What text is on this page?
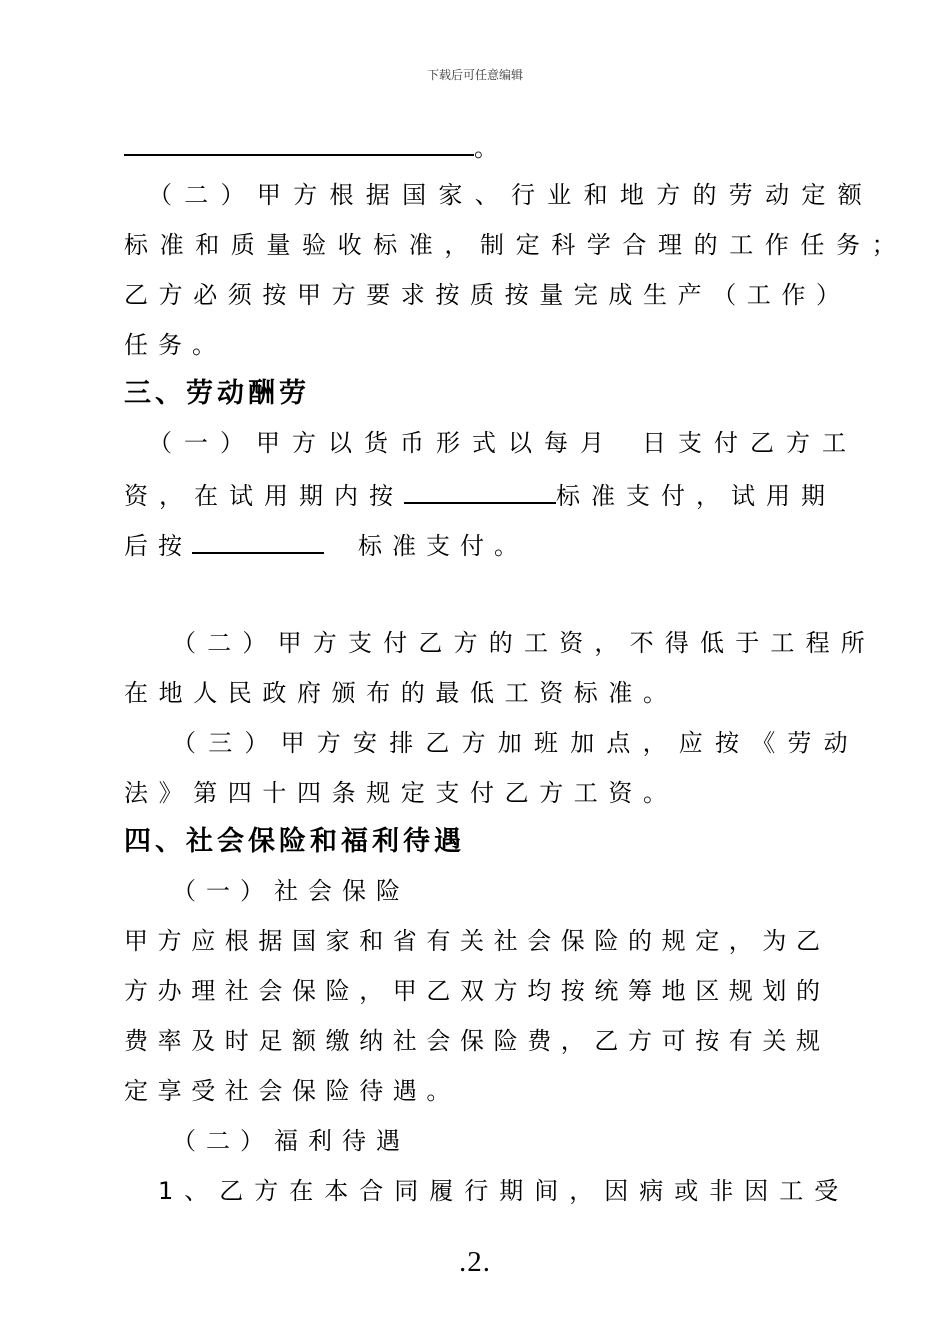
下载后可任意编辑
。
（二）甲方根据国家、行业和地方的劳动定额
标准和质量验收标准，制定科学合理的工作任务；
乙方必须按甲方要求按质按量完成生产（工作）
任务。
三、劳动酬劳
（一）甲方以货币形式以每月 日支付乙方工
资，在试用期内按	标准支付，试用期
后按	标准支付。
（二）甲方支付乙方的工资，不得低于工程所
在地人民政府颁布的最低工资标准。
（三）甲方安排乙方加班加点，应按《劳动
法》第四十四条规定支付乙方工资。
四、社会保险和福利待遇
（一）社会保险
甲方应根据国家和省有关社会保险的规定，为乙
方办理社会保险，甲乙双方均按统筹地区规划的
费率及时足额缴纳社会保险费，乙方可按有关规
定享受社会保险待遇。
（二）福利待遇
1、乙方在本合同履行期间，因病或非因工受
.2.
